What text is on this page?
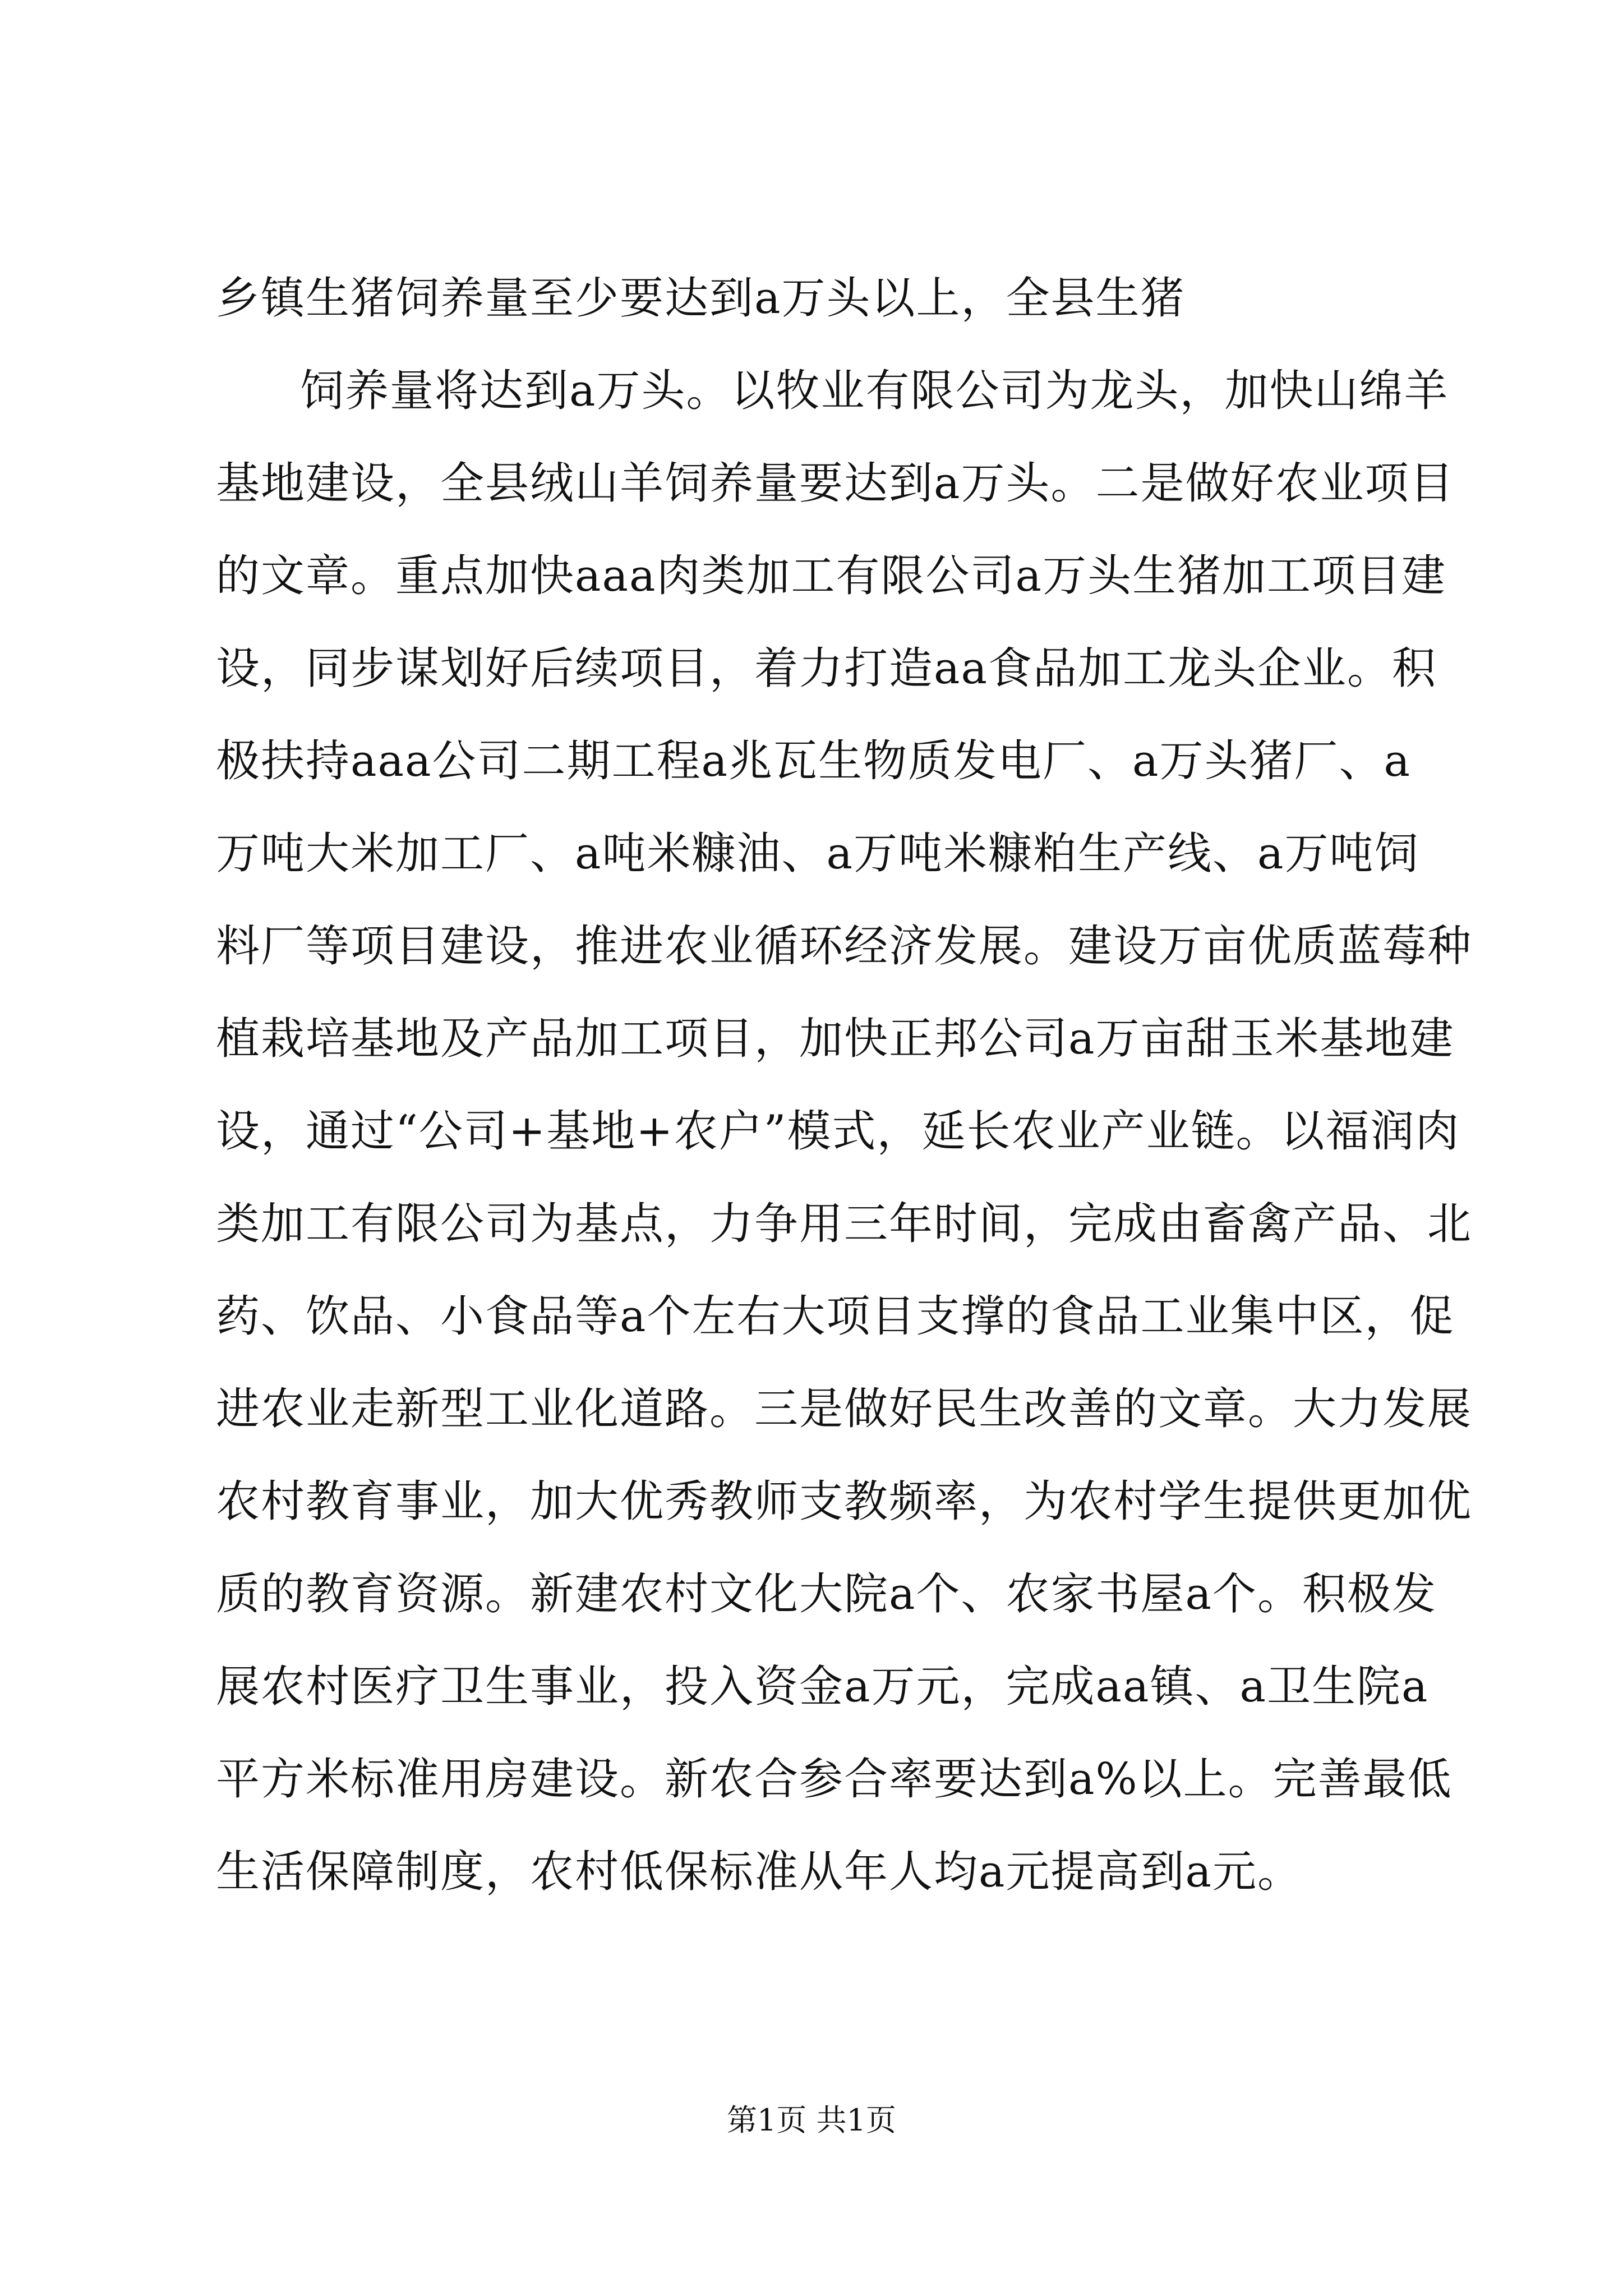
乡镇生猪饲养量至少要达到a万头以上，全县生猪
饲养量将达到a万头。以牧业有限公司为龙头，加快山绵羊
基地建设，全县绒山羊饲养量要达到a万头。二是做好农业项目
的文章。重点加快aaa肉类加工有限公司a万头生猪加工项目建
设，同步谋划好后续项目，着力打造aa食品加工龙头企业。积
极扶持aaa公司二期工程a兆瓦生物质发电厂、a万头猪厂、a
万吨大米加工厂、a吨米糠油、a万吨米糠粕生产线、a万吨饲
料厂等项目建设，推进农业循环经济发展。建设万亩优质蓝莓种
植栽培基地及产品加工项目，加快正邦公司a万亩甜玉米基地建
设，通过“公司+基地+农户”模式，延长农业产业链。以福润肉
类加工有限公司为基点，力争用三年时间，完成由畜禽产品、北
药、饮品、小食品等a个左右大项目支撑的食品工业集中区，促
进农业走新型工业化道路。三是做好民生改善的文章。大力发展
农村教育事业，加大优秀教师支教频率，为农村学生提供更加优
质的教育资源。新建农村文化大院a个、农家书屋a个。积极发
展农村医疗卫生事业，投入资金a万元，完成aa镇、a卫生院a
平方米标准用房建设。新农合参合率要达到a%以上。完善最低
生活保障制度，农村低保标准从年人均a元提高到a元。
第1页 共1页
